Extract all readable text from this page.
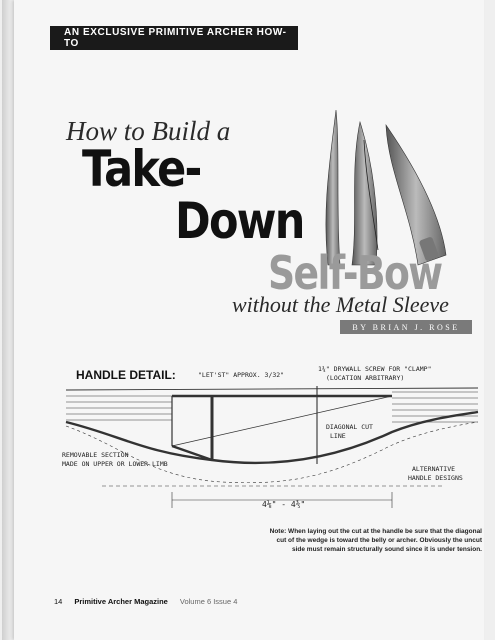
AN EXCLUSIVE PRIMITIVE ARCHER HOW-TO
How to Build a
Take-
Down
Self-Bow
without the Metal Sleeve
BY BRIAN J. ROSE
HANDLE DETAIL:	"LET'ST" APPROX. 3/32"
1¾" DRYWALL SCREW FOR "CLAMP"
(LOCATION ARBITRARY)
DIAGONAL CUT
LINE
REMOVABLE SECTION
MADE ON UPPER OR LOWER LIMB
ALTERNATIVE
HANDLE DESIGNS
4⅛" - 4⅗"
Note: When laying out the cut at the handle be sure that the diagonal cut of the wedge is toward the belly or archer. Obviously the uncut side must remain structurally sound since it is under tension.
14 Primitive Archer Magazine Volume 6 Issue 4
